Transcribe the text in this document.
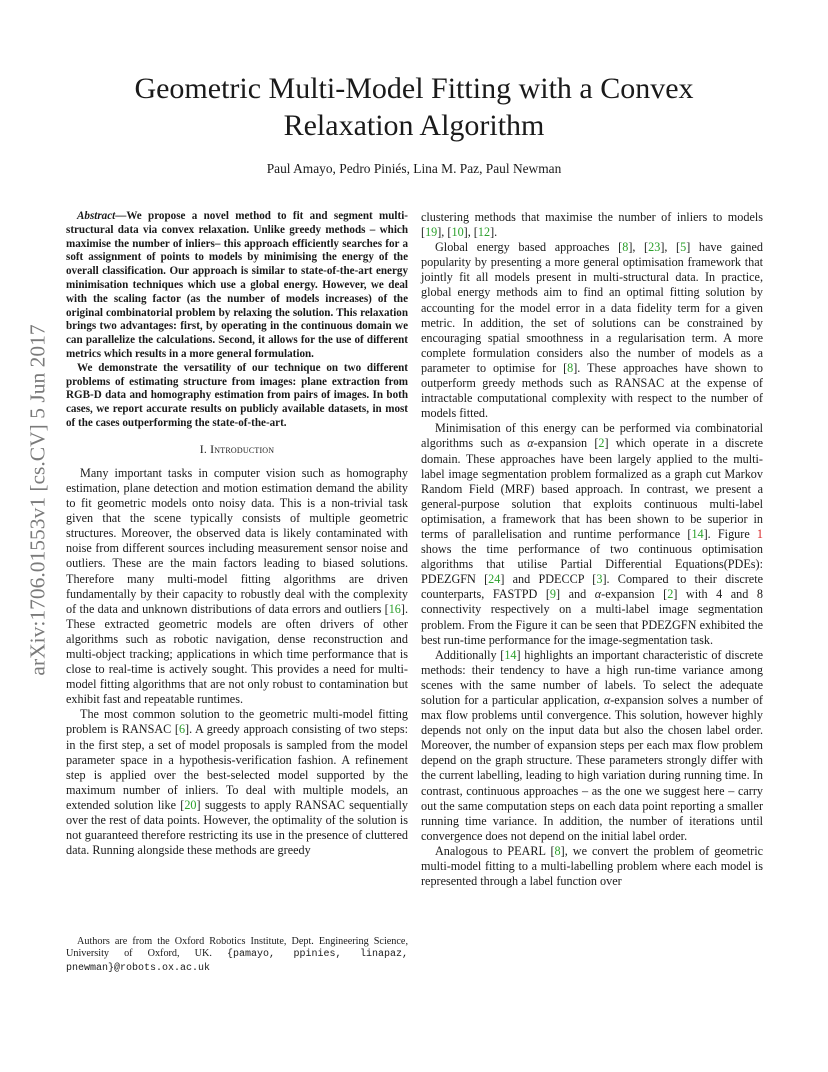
arXiv:1706.01553v1 [cs.CV] 5 Jun 2017
Geometric Multi-Model Fitting with a Convex
Relaxation Algorithm
Paul Amayo, Pedro Piniés, Lina M. Paz, Paul Newman

Abstract—We propose a novel method to fit and segment multi-structural data via convex relaxation. Unlike greedy methods – which maximise the number of inliers– this approach efficiently searches for a soft assignment of points to models by minimising the energy of the overall classification. Our approach is similar to state-of-the-art energy minimisation techniques which use a global energy. However, we deal with the scaling factor (as the number of models increases) of the original combinatorial problem by relaxing the solution. This relaxation brings two advantages: first, by operating in the continuous domain we can parallelize the calculations. Second, it allows for the use of different metrics which results in a more general formulation.

We demonstrate the versatility of our technique on two different problems of estimating structure from images: plane extraction from RGB-D data and homography estimation from pairs of images. In both cases, we report accurate results on publicly available datasets, in most of the cases outperforming the state-of-the-art.

I. Introduction

Many important tasks in computer vision such as homography estimation, plane detection and motion estimation demand the ability to fit geometric models onto noisy data. This is a non-trivial task given that the scene typically consists of multiple geometric structures. Moreover, the observed data is likely contaminated with noise from different sources including measurement sensor noise and outliers. These are the main factors leading to biased solutions. Therefore many multi-model fitting algorithms are driven fundamentally by their capacity to robustly deal with the complexity of the data and unknown distributions of data errors and outliers [16]. These extracted geometric models are often drivers of other algorithms such as robotic navigation, dense reconstruction and multi-object tracking; applications in which time performance that is close to real-time is actively sought. This provides a need for multi-model fitting algorithms that are not only robust to contamination but exhibit fast and repeatable runtimes.

The most common solution to the geometric multi-model fitting problem is RANSAC [6]. A greedy approach consisting of two steps: in the first step, a set of model proposals is sampled from the model parameter space in a hypothesis-verification fashion. A refinement step is applied over the best-selected model supported by the maximum number of inliers. To deal with multiple models, an extended solution like [20] suggests to apply RANSAC sequentially over the rest of data points. However, the optimality of the solution is not guaranteed therefore restricting its use in the presence of cluttered data. Running alongside these methods are greedy

Authors are from the Oxford Robotics Institute, Dept. Engineering Science, University of Oxford, UK. {pamayo, ppinies, linapaz, pnewman}@robots.ox.ac.uk

clustering methods that maximise the number of inliers to models [19], [10], [12].

Global energy based approaches [8], [23], [5] have gained popularity by presenting a more general optimisation framework that jointly fit all models present in multi-structural data. In practice, global energy methods aim to find an optimal fitting solution by accounting for the model error in a data fidelity term for a given metric. In addition, the set of solutions can be constrained by encouraging spatial smoothness in a regularisation term. A more complete formulation considers also the number of models as a parameter to optimise for [8]. These approaches have shown to outperform greedy methods such as RANSAC at the expense of intractable computational complexity with respect to the number of models fitted.

Minimisation of this energy can be performed via combinatorial algorithms such as α-expansion [2] which operate in a discrete domain. These approaches have been largely applied to the multi-label image segmentation problem formalized as a graph cut Markov Random Field (MRF) based approach. In contrast, we present a general-purpose solution that exploits continuous multi-label optimisation, a framework that has been shown to be superior in terms of parallelisation and runtime performance [14]. Figure 1 shows the time performance of two continuous optimisation algorithms that utilise Partial Differential Equations(PDEs): PDEZGFN [24] and PDECCP [3]. Compared to their discrete counterparts, FASTPD [9] and α-expansion [2] with 4 and 8 connectivity respectively on a multi-label image segmentation problem. From the Figure it can be seen that PDEZGFN exhibited the best run-time performance for the image-segmentation task.

Additionally [14] highlights an important characteristic of discrete methods: their tendency to have a high run-time variance among scenes with the same number of labels. To select the adequate solution for a particular application, α-expansion solves a number of max flow problems until convergence. This solution, however highly depends not only on the input data but also the chosen label order. Moreover, the number of expansion steps per each max flow problem depend on the graph structure. These parameters strongly differ with the current labelling, leading to high variation during running time. In contrast, continuous approaches – as the one we suggest here – carry out the same computation steps on each data point reporting a smaller running time variance. In addition, the number of iterations until convergence does not depend on the initial label order.

Analogous to PEARL [8], we convert the problem of geometric multi-model fitting to a multi-labelling problem where each model is represented through a label function over
